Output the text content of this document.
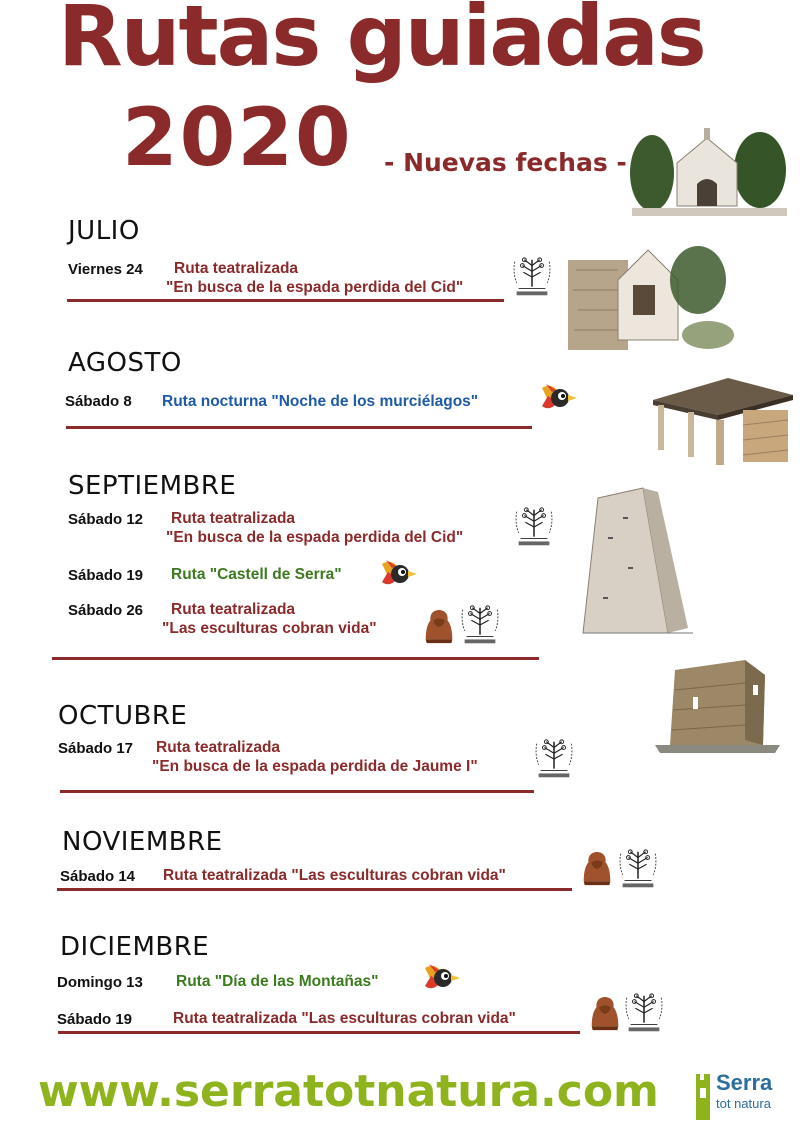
Rutas guiadas
2020 - Nuevas fechas -
JULIO
Viernes 24 Ruta teatralizada
"En busca de la espada perdida del Cid"
AGOSTO
Sábado 8 Ruta nocturna "Noche de los murciélagos"
SEPTIEMBRE
Sábado 12 Ruta teatralizada
"En busca de la espada perdida del Cid"
Sábado 19 Ruta "Castell de Serra"
Sábado 26 Ruta teatralizada
"Las esculturas cobran vida"
OCTUBRE
Sábado 17 Ruta teatralizada
"En busca de la espada perdida de Jaume I"
NOVIEMBRE
Sábado 14 Ruta teatralizada "Las esculturas cobran vida"
DICIEMBRE
Domingo 13 Ruta "Día de las Montañas"
Sábado 19	Ruta teatralizada "Las esculturas cobran vida"
www.serratotnatura.com	Serra
tot natura
